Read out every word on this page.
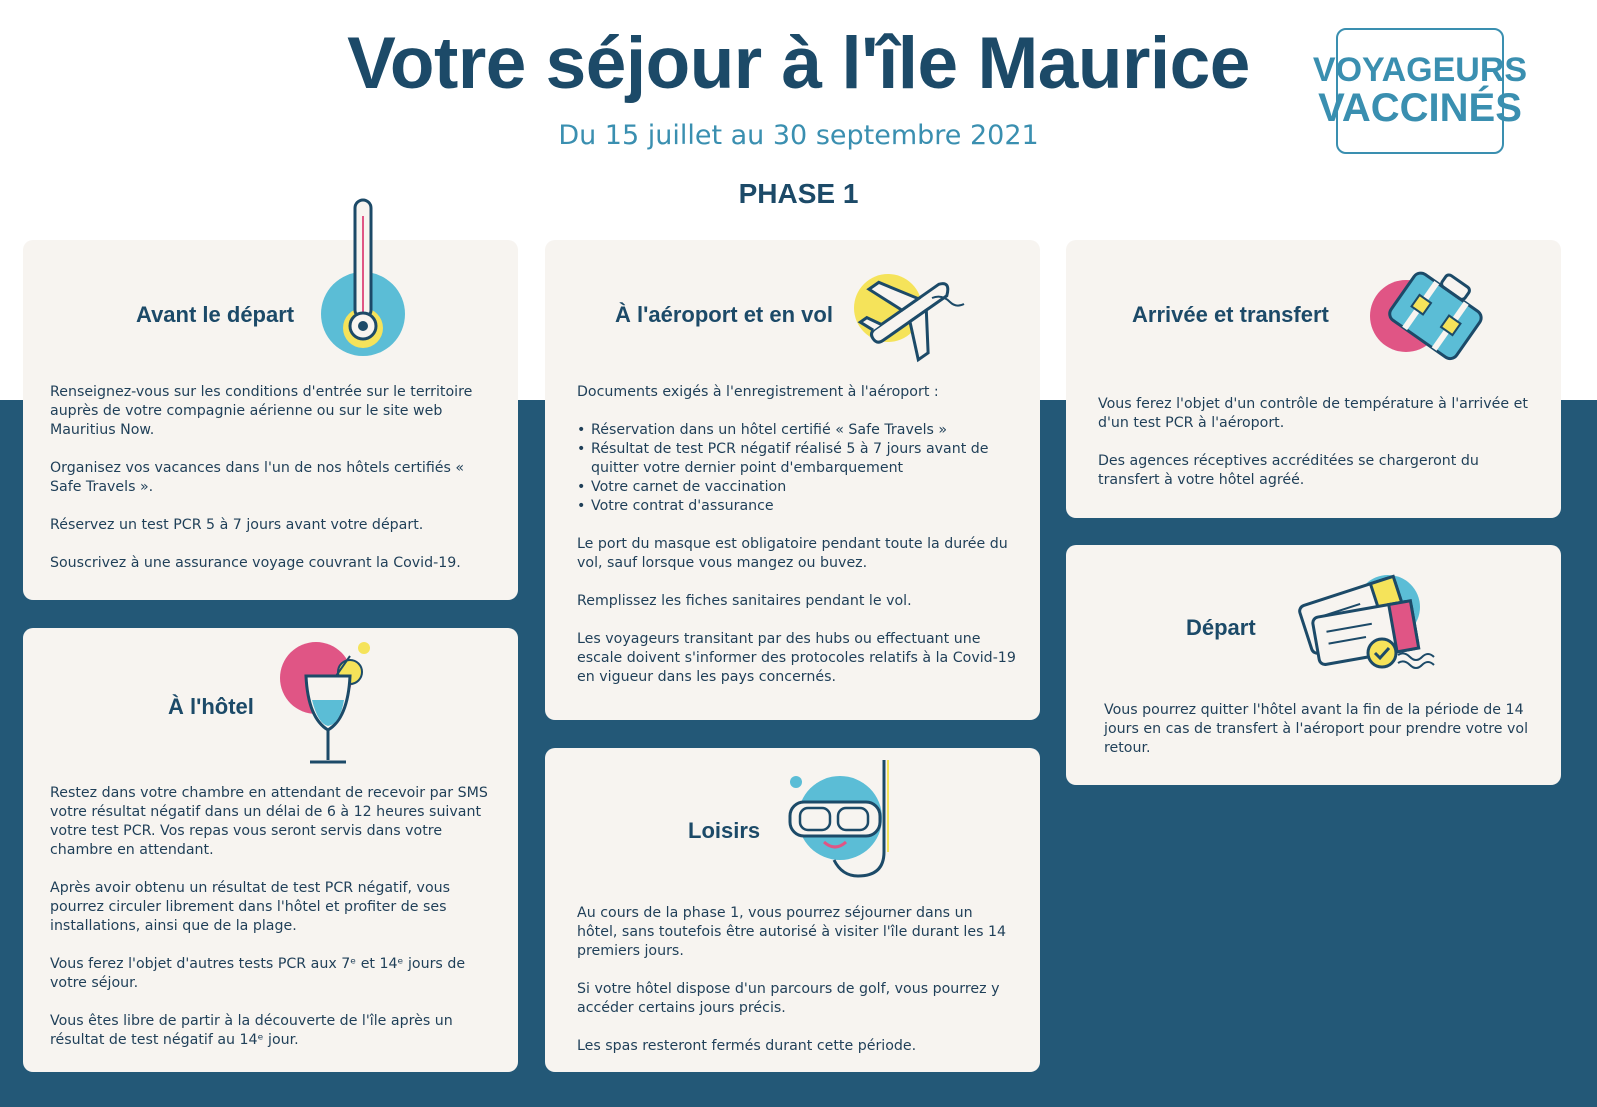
Votre séjour à l'île Maurice
Du 15 juillet au 30 septembre 2021
PHASE 1
VOYAGEURS
VACCINÉS
Avant le départ

Renseignez-vous sur les conditions d'entrée sur le territoire auprès de votre compagnie aérienne ou sur le site web Mauritius Now.

Organisez vos vacances dans l'un de nos hôtels certifiés « Safe Travels ».

Réservez un test PCR 5 à 7 jours avant votre départ.

Souscrivez à une assurance voyage couvrant la Covid-19.

À l'hôtel

Restez dans votre chambre en attendant de recevoir par SMS votre résultat négatif dans un délai de 6 à 12 heures suivant votre test PCR. Vos repas vous seront servis dans votre chambre en attendant.

Après avoir obtenu un résultat de test PCR négatif, vous pourrez circuler librement dans l'hôtel et profiter de ses installations, ainsi que de la plage.

Vous ferez l'objet d'autres tests PCR aux 7ᵉ et 14ᵉ jours de votre séjour.

Vous êtes libre de partir à la découverte de l'île après un résultat de test négatif au 14ᵉ jour.

À l'aéroport et en vol

Documents exigés à l'enregistrement à l'aéroport :

• Réservation dans un hôtel certifié « Safe Travels »
• Résultat de test PCR négatif réalisé 5 à 7 jours avant de quitter votre dernier point d'embarquement
• Votre carnet de vaccination
• Votre contrat d'assurance

Le port du masque est obligatoire pendant toute la durée du vol, sauf lorsque vous mangez ou buvez.

Remplissez les fiches sanitaires pendant le vol.

Les voyageurs transitant par des hubs ou effectuant une escale doivent s'informer des protocoles relatifs à la Covid-19 en vigueur dans les pays concernés.

Loisirs

Au cours de la phase 1, vous pourrez séjourner dans un hôtel, sans toutefois être autorisé à visiter l'île durant les 14 premiers jours.

Si votre hôtel dispose d'un parcours de golf, vous pourrez y accéder certains jours précis.

Les spas resteront fermés durant cette période.

Arrivée et transfert

Vous ferez l'objet d'un contrôle de température à l'arrivée et d'un test PCR à l'aéroport.

Des agences réceptives accréditées se chargeront du transfert à votre hôtel agréé.

Départ

Vous pourrez quitter l'hôtel avant la fin de la période de 14 jours en cas de transfert à l'aéroport pour prendre votre vol retour.
